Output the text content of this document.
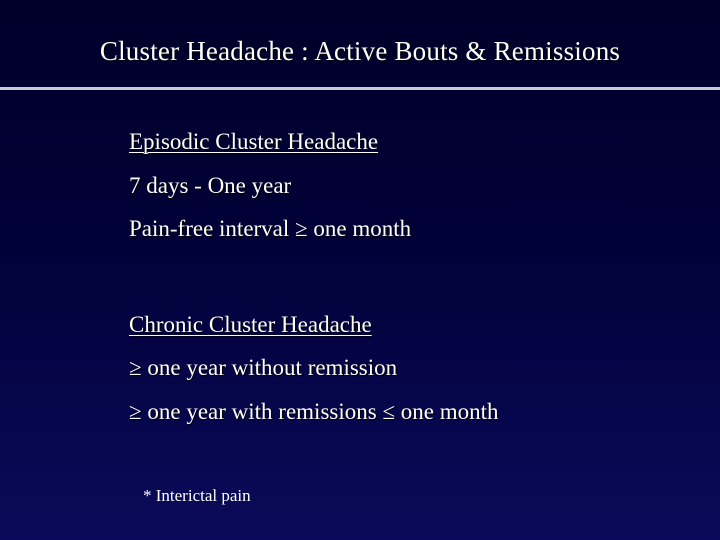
Cluster Headache : Active Bouts & Remissions
Episodic Cluster Headache
7 days - One year
Pain-free interval ≥ one month
Chronic Cluster Headache
≥ one year without remission
≥ one year with remissions ≤ one month
* Interictal pain
